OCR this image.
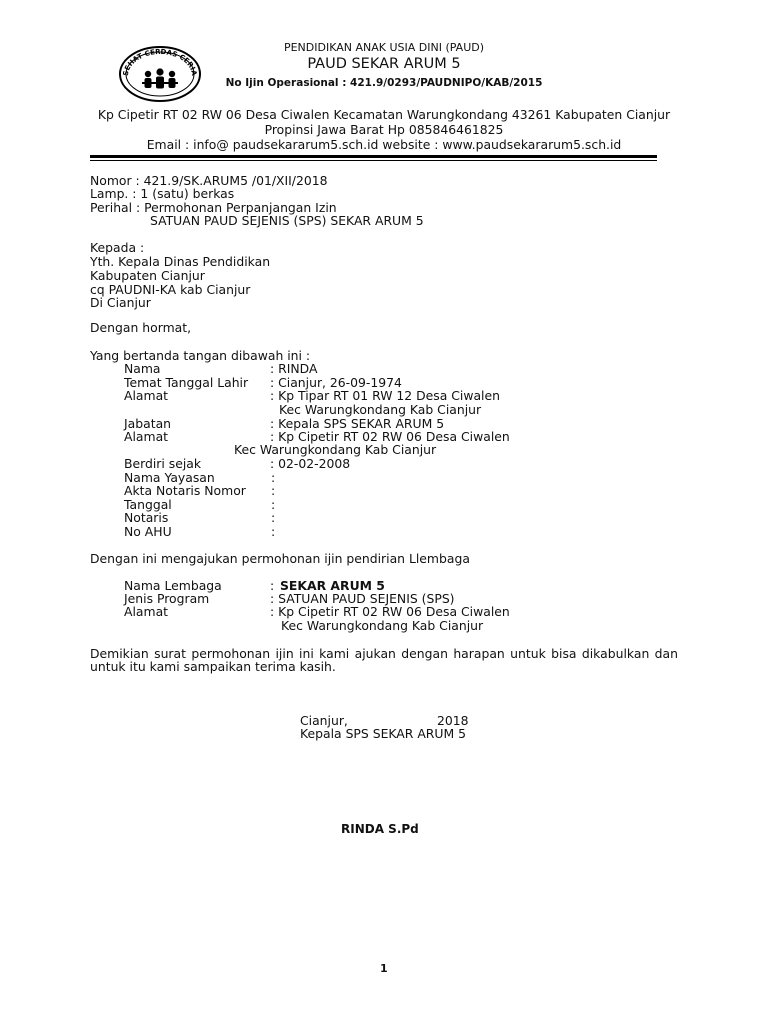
PENDIDIKAN ANAK USIA DINI (PAUD)
SEHAT CERDAS CERIA
PAUD SEKAR ARUM 5
No Ijin Operasional : 421.9/0293/PAUDNIPO/KAB/2015
Kp Cipetir RT 02 RW 06 Desa Ciwalen Kecamatan Warungkondang 43261 Kabupaten Cianjur
Propinsi Jawa Barat Hp 085846461825
Email : info@ paudsekararum5.sch.id website : www.paudsekararum5.sch.id
Nomor : 421.9/SK.ARUM5 /01/XII/2018
Lamp. : 1 (satu) berkas
Perihal : Permohonan Perpanjangan Izin
SATUAN PAUD SEJENIS (SPS) SEKAR ARUM 5
Kepada :
Yth. Kepala Dinas Pendidikan
Kabupaten Cianjur
cq PAUDNI-KA kab Cianjur
Di Cianjur
Dengan hormat,
Yang bertanda tangan dibawah ini :
Nama	: RINDA
Temat Tanggal Lahir : Cianjur, 26-09-1974
Alamat	: Kp Tipar RT 01 RW 12 Desa Ciwalen
Kec Warungkondang Kab Cianjur
Jabatan	: Kepala SPS SEKAR ARUM 5
Alamat	: Kp Cipetir RT 02 RW 06 Desa Ciwalen
Kec Warungkondang Kab Cianjur
Berdiri sejak	: 02-02-2008
Nama Yayasan	:
Akta Notaris Nomor :
Tanggal	:
Notaris	:
No AHU	:
Dengan ini mengajukan permohonan ijin pendirian Llembaga
Nama Lembaga	: SEKAR ARUM 5
Jenis Program	: SATUAN PAUD SEJENIS (SPS)
Alamat	: Kp Cipetir RT 02 RW 06 Desa Ciwalen
Kec Warungkondang Kab Cianjur
Demikian surat permohonan ijin ini kami ajukan dengan harapan untuk bisa dikabulkan dan
untuk itu kami sampaikan terima kasih.
Cianjur,	2018
Kepala SPS SEKAR ARUM 5
RINDA S.Pd
1
